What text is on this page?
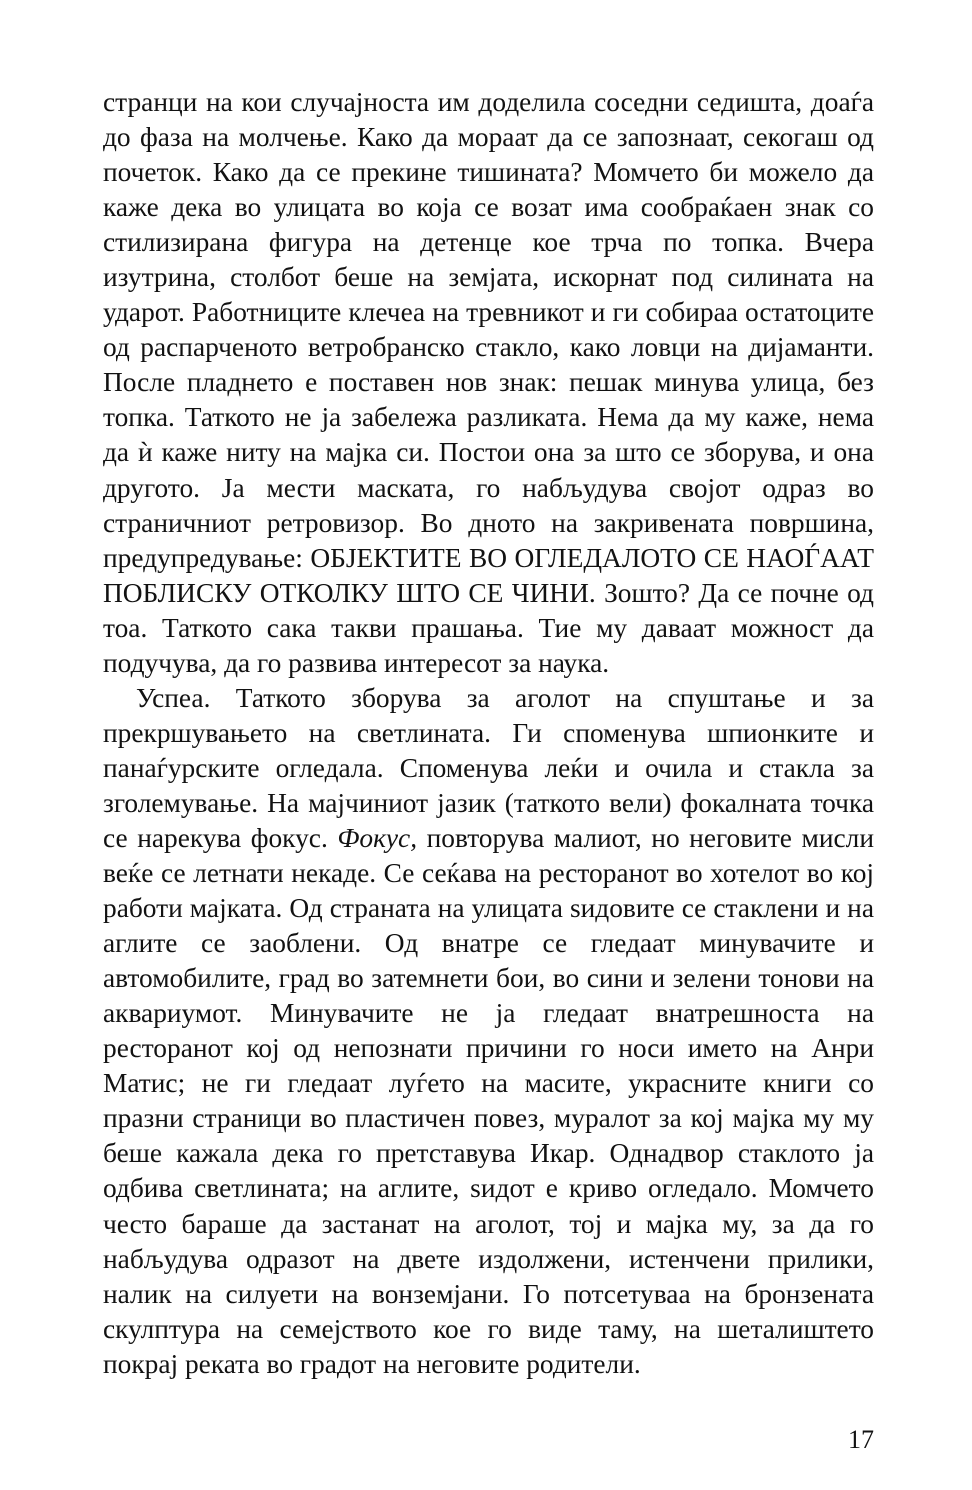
странци на кои случајноста им доделила соседни седишта, доаѓа до фаза на молчење. Како да мораат да се запознаат, секогаш од почеток. Како да се прекине тишината? Момчето би можело да каже дека во улицата во која се возат има сообраќаен знак со стилизирана фигура на детенце кое трча по топка. Вчера изутрина, столбот беше на земјата, искорнат под силината на ударот. Работниците клечеа на тревникот и ги собираа остатоците од распарченото ветробранско стакло, како ловци на дијаманти. После пладнето е поставен нов знак: пешак минува улица, без топка. Таткото не ја забележа разликата. Нема да му каже, нема да ѝ каже ниту на мајка си. Постои она за што се зборува, и она другото. Ја мести маската, го набљудува својот одраз во страничниот ретровизор. Во дното на закривената површина, предупредување: ОБЈЕКТИТЕ ВО ОГЛЕДАЛОТО СЕ НАОЃААТ ПОБЛИСКУ ОТКОЛКУ ШТО СЕ ЧИНИ. Зошто? Да се почне од тоа. Таткото сака такви прашања. Тие му даваат можност да подучува, да го развива интересот за наука.

Успеа. Таткото зборува за аголот на спуштање и за прекршувањето на светлината. Ги споменува шпионките и панаѓурските огледала. Споменува леќи и очила и стакла за зголемување. На мајчиниот јазик (таткото вели) фокалната точка се нарекува фокус. Фокус, повторува малиот, но неговите мисли веќе се летнати некаде. Се сеќава на ресторанот во хотелот во кој работи мајката. Од страната на улицата ѕидовите се стаклени и на аглите се заоблени. Од внатре се гледаат минувачите и автомобилите, град во затемнети бои, во сини и зелени тонови на аквариумот. Минувачите не ја гледаат внатрешноста на ресторанот кој од непознати причини го носи името на Анри Матис; не ги гледаат луѓето на масите, украсните книги со празни страници во пластичен повез, муралот за кој мајка му му беше кажала дека го претставува Икар. Однадвор стаклото ја одбива светлината; на аглите, ѕидот е криво огледало. Момчето често бараше да застанат на аголот, тој и мајка му, за да го набљудува одразот на двете издолжени, истенчени прилики, налик на силуети на вонземјани. Го потсетуваа на бронзената скулптура на семејството кое го виде таму, на шеталиштето покрај реката во градот на неговите родители.

17
